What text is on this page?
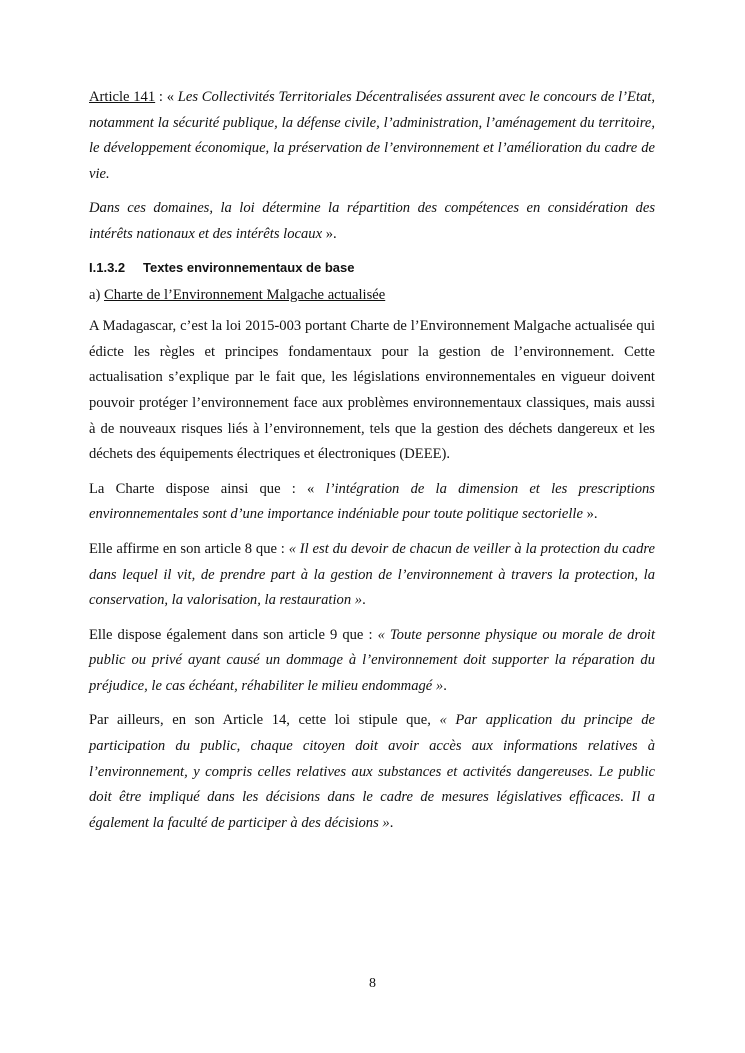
Article 141 : « Les Collectivités Territoriales Décentralisées assurent avec le concours de l’Etat, notamment la sécurité publique, la défense civile, l’administration, l’aménagement du territoire, le développement économique, la préservation de l’environnement et l’amélioration du cadre de vie.

Dans ces domaines, la loi détermine la répartition des compétences en considération des intérêts nationaux et des intérêts locaux ».

I.1.3.2 Textes environnementaux de base
a) Charte de l’Environnement Malgache actualisée

A Madagascar, c’est la loi 2015-003 portant Charte de l’Environnement Malgache actualisée qui édicte les règles et principes fondamentaux pour la gestion de l’environnement. Cette actualisation s’explique par le fait que, les législations environnementales en vigueur doivent pouvoir protéger l’environnement face aux problèmes environnementaux classiques, mais aussi à de nouveaux risques liés à l’environnement, tels que la gestion des déchets dangereux et les déchets des équipements électriques et électroniques (DEEE).

La Charte dispose ainsi que : « l’intégration de la dimension et les prescriptions environnementales sont d’une importance indéniable pour toute politique sectorielle ».

Elle affirme en son article 8 que : « Il est du devoir de chacun de veiller à la protection du cadre dans lequel il vit, de prendre part à la gestion de l’environnement à travers la protection, la conservation, la valorisation, la restauration ».

Elle dispose également dans son article 9 que : « Toute personne physique ou morale de droit public ou privé ayant causé un dommage à l’environnement doit supporter la réparation du préjudice, le cas échéant, réhabiliter le milieu endommagé ».

Par ailleurs, en son Article 14, cette loi stipule que, « Par application du principe de participation du public, chaque citoyen doit avoir accès aux informations relatives à l’environnement, y compris celles relatives aux substances et activités dangereuses. Le public doit être impliqué dans les décisions dans le cadre de mesures législatives efficaces. Il a également la faculté de participer à des décisions ».

8
